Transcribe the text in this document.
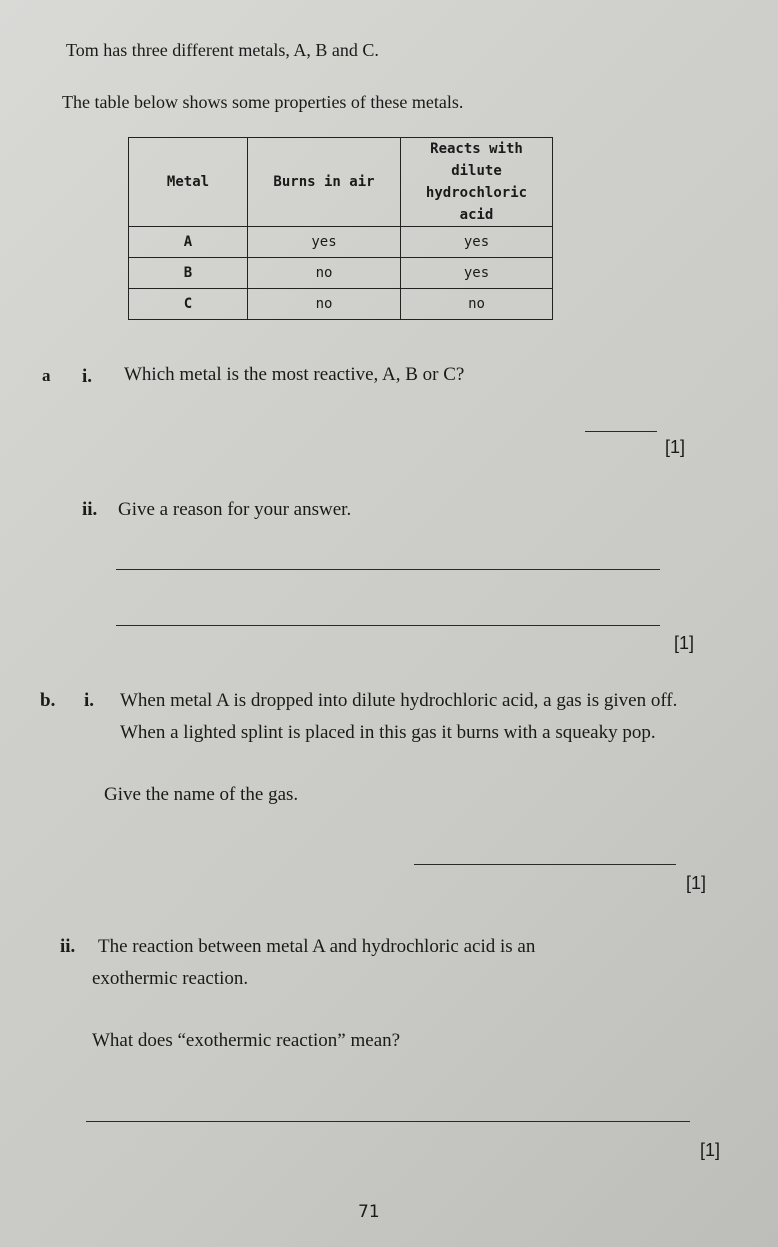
Tom has three different metals, A, B and C.
The table below shows some properties of these metals.
Metal	Burns in air	Reacts with dilute hydrochloric acid
A	yes	yes
B	no	yes
C	no	no
a i. Which metal is the most reactive, A, B or C?
[1]
ii. Give a reason for your answer.
[1]
b. i. When metal A is dropped into dilute hydrochloric acid, a gas is given off.
When a lighted splint is placed in this gas it burns with a squeaky pop.
Give the name of the gas.
[1]
ii. The reaction between metal A and hydrochloric acid is an
exothermic reaction.
What does “exothermic reaction” mean?
[1]
71
